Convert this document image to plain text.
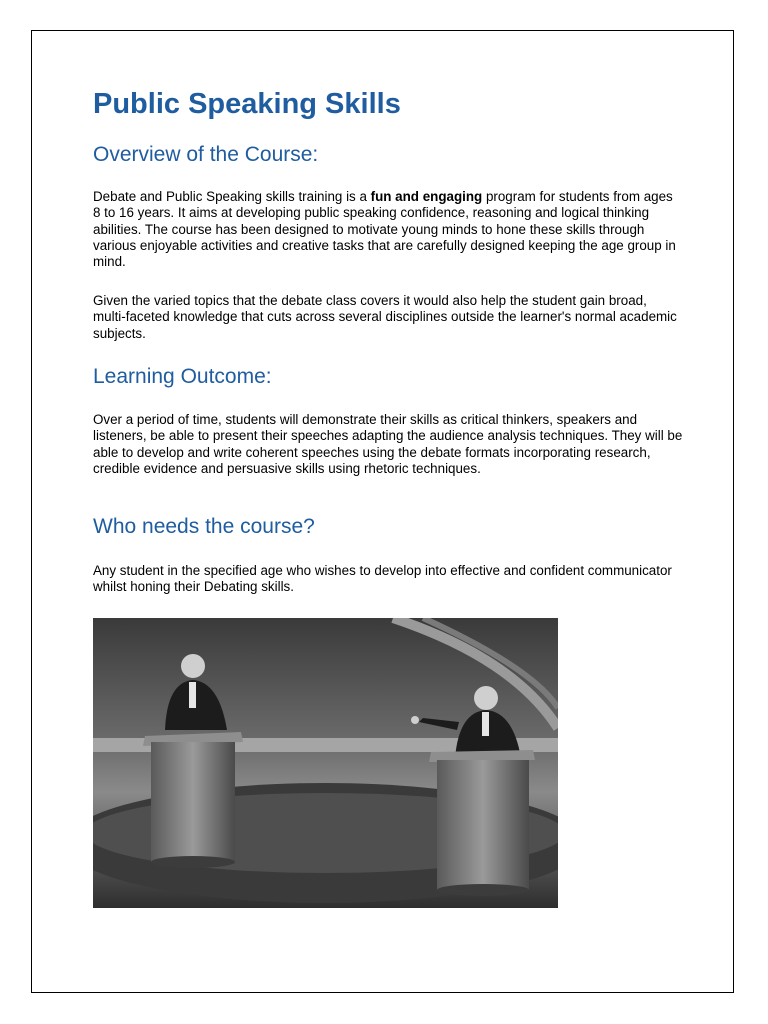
Public Speaking Skills
Overview of the Course:

Debate and Public Speaking skills training is a fun and engaging program for students from ages 8 to 16 years. It aims at developing public speaking confidence, reasoning and logical thinking abilities. The course has been designed to motivate young minds to hone these skills through various enjoyable activities and creative tasks that are carefully designed keeping the age group in mind.

Given the varied topics that the debate class covers it would also help the student gain broad, multi-faceted knowledge that cuts across several disciplines outside the learner's normal academic subjects.

Learning Outcome:

Over a period of time, students will demonstrate their skills as critical thinkers, speakers and listeners, be able to present their speeches adapting the audience analysis techniques. They will be able to develop and write coherent speeches using the debate formats incorporating research, credible evidence and persuasive skills using rhetoric techniques.

Who needs the course?

Any student in the specified age who wishes to develop into effective and confident communicator whilst honing their Debating skills.
